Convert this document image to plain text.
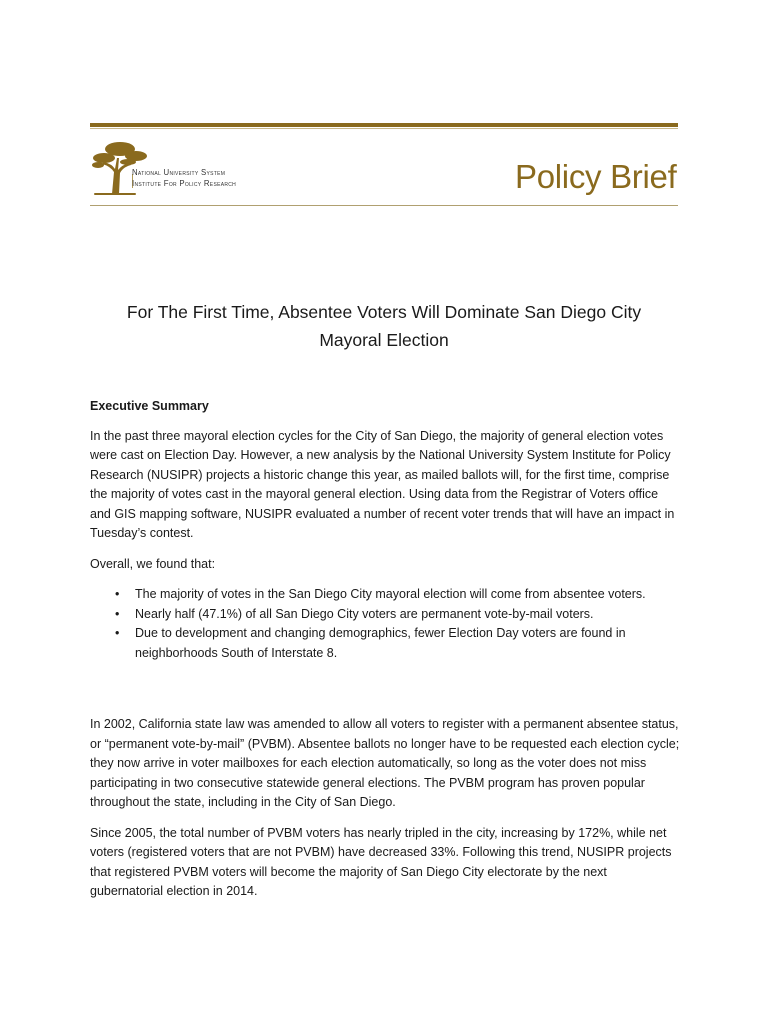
National University System
Institute For Policy Research	Policy Brief
For The First Time, Absentee Voters Will Dominate San Diego City
Mayoral Election

Executive Summary

In the past three mayoral election cycles for the City of San Diego, the majority of general election votes were cast on Election Day. However, a new analysis by the National University System Institute for Policy Research (NUSIPR) projects a historic change this year, as mailed ballots will, for the first time, comprise the majority of votes cast in the mayoral general election. Using data from the Registrar of Voters office and GIS mapping software, NUSIPR evaluated a number of recent voter trends that will have an impact in Tuesday’s contest.

Overall, we found that:

• The majority of votes in the San Diego City mayoral election will come from absentee voters.
• Nearly half (47.1%) of all San Diego City voters are permanent vote-by-mail voters.
• Due to development and changing demographics, fewer Election Day voters are found in neighborhoods South of Interstate 8.

In 2002, California state law was amended to allow all voters to register with a permanent absentee status, or “permanent vote-by-mail” (PVBM). Absentee ballots no longer have to be requested each election cycle; they now arrive in voter mailboxes for each election automatically, so long as the voter does not miss participating in two consecutive statewide general elections. The PVBM program has proven popular throughout the state, including in the City of San Diego.

Since 2005, the total number of PVBM voters has nearly tripled in the city, increasing by 172%, while net voters (registered voters that are not PVBM) have decreased 33%. Following this trend, NUSIPR projects that registered PVBM voters will become the majority of San Diego City electorate by the next gubernatorial election in 2014.
